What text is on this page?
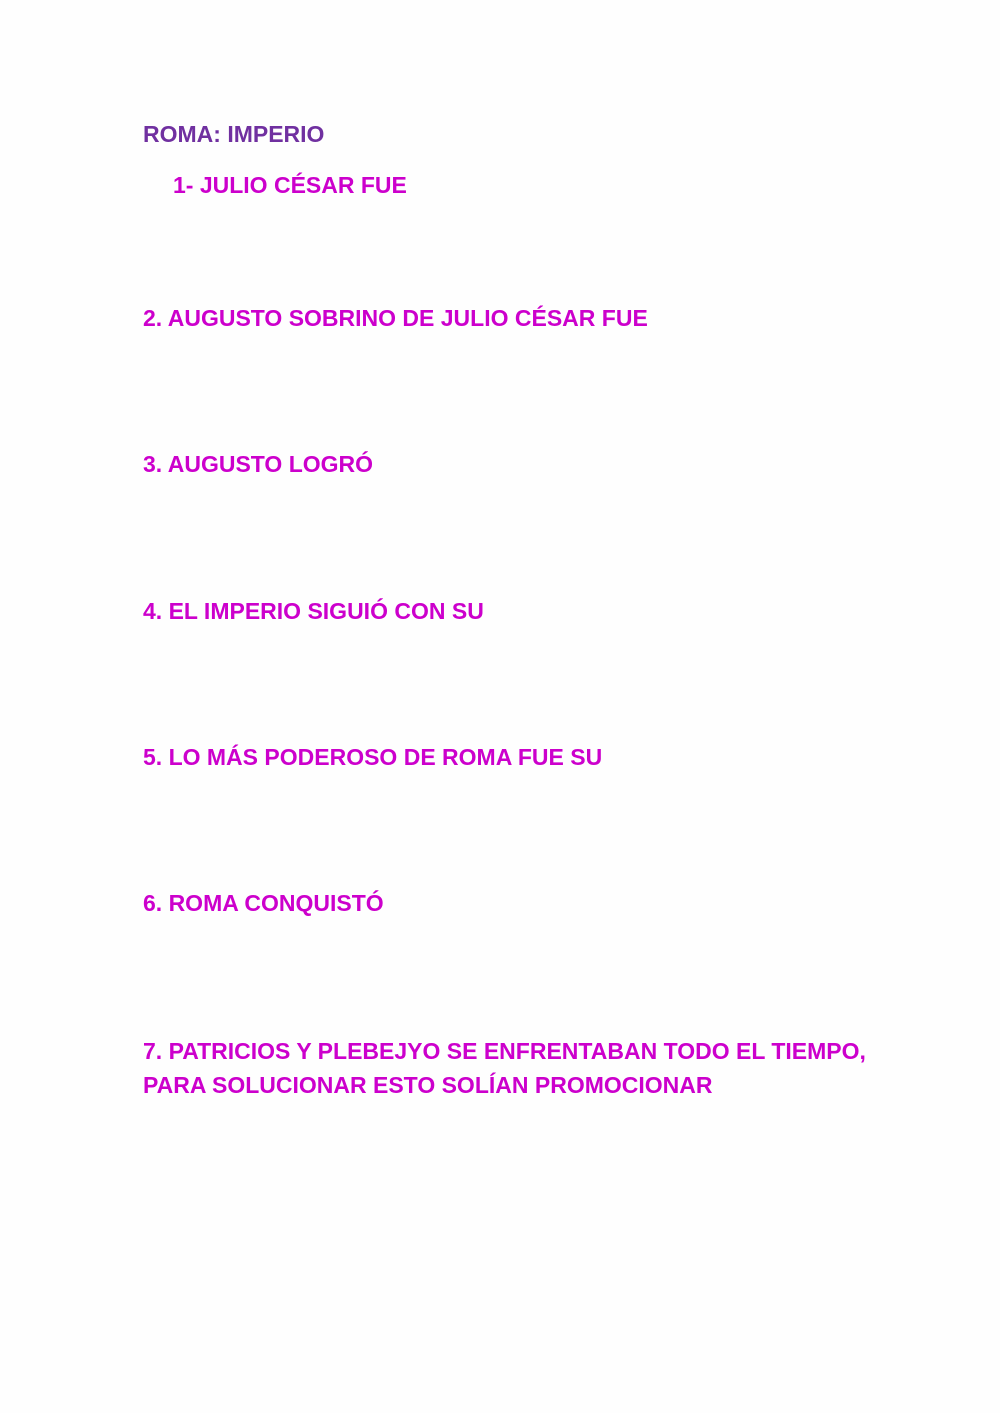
ROMA: IMPERIO
1- JULIO CÉSAR FUE
2. AUGUSTO SOBRINO DE JULIO CÉSAR FUE
3. AUGUSTO LOGRÓ
4. EL IMPERIO SIGUIÓ CON SU
5. LO MÁS PODEROSO DE ROMA FUE SU
6. ROMA CONQUISTÓ
7. PATRICIOS Y PLEBEJYO SE ENFRENTABAN TODO EL TIEMPO,
PARA SOLUCIONAR ESTO SOLÍAN PROMOCIONAR
